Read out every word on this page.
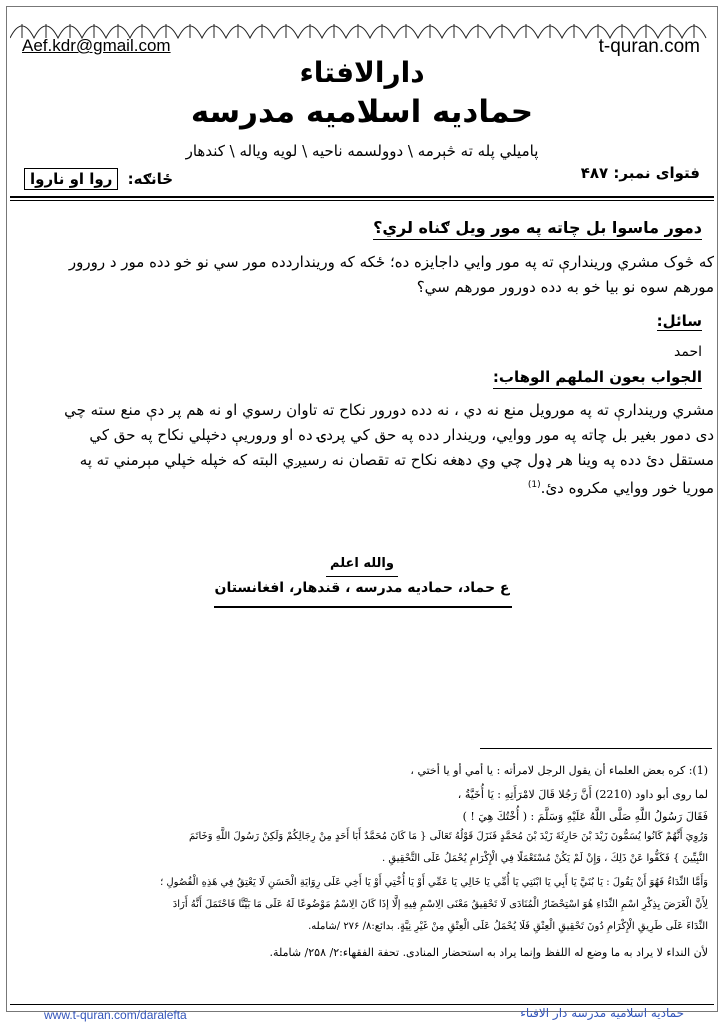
Aef.kdr@gmail.com	t-quran.com
دارالافتاء
حمادیه اسلامیه مدرسه
پامیلي پله ته څېرمه \ دوولسمه ناحیه \ لویه ویاله \ کندهار
فتوای نمبر: ۴۸۷
ځانګه: روا او ناروا
دمور ماسوا بل چاته په مور ویل ګناه لري؟
که څوک مشري وریندارې ته په مور وایي داجایزه ده؛ ځکه که ورینداردده مور سي نو خو دده مور د رورور
مورهم سوه نو بیا خو به دده دورور مورهم سي؟
سائل:
احمد
الجواب بعون الملهم الوهاب:
مشري وریندارې ته په مورویل منع نه دي ، نه دده دورور نکاح ته تاوان رسوي او نه هم پر دې منع سته چي
دی دمور بغیر بل چاته په مور ووایي، وریندار دده په حق کي پردۍ ده او وروریې دخپلي نکاح په حق کي
مستقل دئ دده په وینا هر ډول چي وي دهغه نکاح ته تقصان نه رسیږي البته که خپله خپلي مېرمني ته په
موريا خور ووايي مکروه دئ.$^{(1)}$
والله اعلم
ع حماد، حمادیه مدرسه ، قندهار، افغانستان
(1): كره بعض العلماء أن يقول الرجل لامرأته : يا أمي أو يا أختي ،
لما روى أبو داود (2210) أَنَّ رَجُلا قَالَ لامْرَأَتِهِ : يَا أُخَيَّةُ ،
فَقَالَ رَسُولُ اللَّهِ صَلَّى اللَّهُ عَلَيْهِ وَسَلَّمَ : ( أُخْتُكَ هِيَ ! )
وَرُوِيَ أَنَّهُمْ كَانُوا يُسَمُّونَ زَيْدَ بْنَ حَارِثَةَ زَيْدَ بْنَ مُحَمَّدٍ فَنَزَلَ قَوْلُهُ تَعَالَى { مَا كَانَ مُحَمَّدٌ أَبَا أَحَدٍ مِنْ رِجَالِكُمْ وَلَكِنْ رَسُولَ اللَّهِ وَخَاتَمَ
النَّبِيِّينَ } فَكَفُّوا عَنْ ذَلِكَ ، وَإِنْ لَمْ يَكُنْ مُسْتَعْمَلًا فِي الْإِكْرَامِ يُحْمَلُ عَلَى التَّحْقِيقِ .
وَأَمَّا النِّدَاءُ فَهُوَ أَنْ يَقُولَ : يَا بُنَيَّ يَا أَبِي يَا ابْنَتِي يَا أُمِّي يَا خَالِي يَا عَمِّي أَوْ يَا أُخْتِي أَوْ يَا أَخِي عَلَى رِوَايَةِ الْحَسَنِ لَا يَعْتِقُ فِي هَذِهِ الْفُصُولِ ؛
لِأَنَّ الْغَرَضَ بِذِكْرِ اسْمِ النِّدَاءِ هُوَ اسْتِحْضَارُ الْمُنَادَى لَا تَحْقِيقُ مَعْنَى الِاسْمِ فِيهِ إلَّا إذَا كَانَ الِاسْمُ مَوْضُوعًا لَهُ عَلَى مَا بَيَّنَّا فَاحْتَمَلَ أَنَّهُ أَرَادَ
النِّدَاءَ عَلَى طَرِيقِ الْإِكْرَامِ دُونَ تَحْقِيقِ الْعِتْقِ فَلَا يُحْمَلُ عَلَى الْعِتْقِ مِنْ غَيْرِ نِيَّةٍ. بدائع:٨/ ٢٧۶ /شامله.
لأن النداء لا يراد به ما وضع له اللفظ وإنما يراد به استحضار المنادى. تحفة الفقهاء:٢/ ٢۵٨/ شاملة.
www.t-quran.com/daralefta	حمادیه اسلامیه مدرسه دار الافتاء
